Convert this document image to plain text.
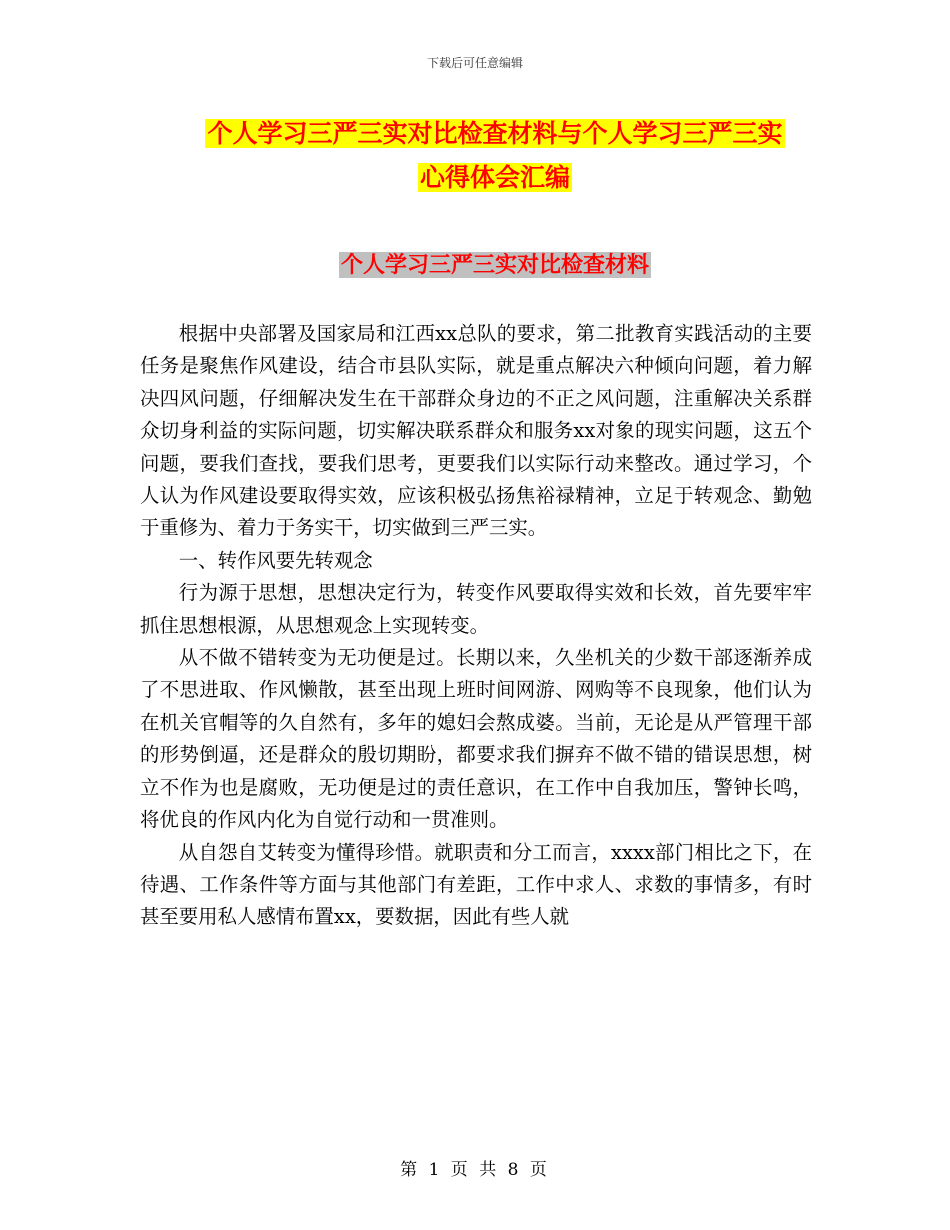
下载后可任意编辑
个人学习三严三实对比检查材料与个人学习三严三实
心得体会汇编
个人学习三严三实对比检查材料

根据中央部署及国家局和江西xx总队的要求，第二批教育实践活动的主要任务是聚焦作风建设，结合市县队实际，就是重点解决六种倾向问题，着力解决四风问题，仔细解决发生在干部群众身边的不正之风问题，注重解决关系群众切身利益的实际问题，切实解决联系群众和服务xx对象的现实问题，这五个问题，要我们查找，要我们思考，更要我们以实际行动来整改。通过学习，个人认为作风建设要取得实效，应该积极弘扬焦裕禄精神，立足于转观念、勤勉于重修为、着力于务实干，切实做到三严三实。

一、转作风要先转观念

行为源于思想，思想决定行为，转变作风要取得实效和长效，首先要牢牢抓住思想根源，从思想观念上实现转变。

从不做不错转变为无功便是过。长期以来，久坐机关的少数干部逐渐养成了不思进取、作风懒散，甚至出现上班时间网游、网购等不良现象，他们认为在机关官帽等的久自然有，多年的媳妇会熬成婆。当前，无论是从严管理干部的形势倒逼，还是群众的殷切期盼，都要求我们摒弃不做不错的错误思想，树立不作为也是腐败，无功便是过的责任意识，在工作中自我加压，警钟长鸣，将优良的作风内化为自觉行动和一贯准则。

从自怨自艾转变为懂得珍惜。就职责和分工而言，xxxx部门相比之下，在待遇、工作条件等方面与其他部门有差距，工作中求人、求数的事情多，有时甚至要用私人感情布置xx，要数据，因此有些人就

第 1 页 共 8 页
